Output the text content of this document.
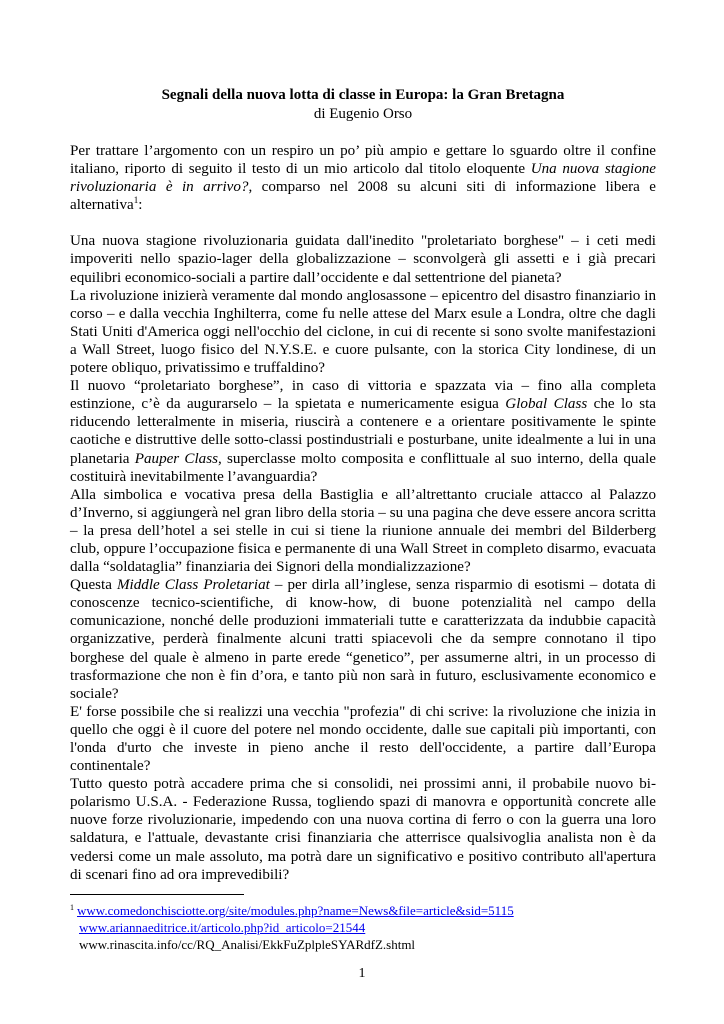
Segnali della nuova lotta di classe in Europa: la Gran Bretagna

di Eugenio Orso

Per trattare l’argomento con un respiro un po’ più ampio e gettare lo sguardo oltre il confine italiano, riporto di seguito il testo di un mio articolo dal titolo eloquente Una nuova stagione rivoluzionaria è in arrivo?, comparso nel 2008 su alcuni siti di informazione libera e alternativa$^1$:

Una nuova stagione rivoluzionaria guidata dall'inedito "proletariato borghese" – i ceti medi impoveriti nello spazio-lager della globalizzazione – sconvolgerà gli assetti e i già precari equilibri economico-sociali a partire dall’occidente e dal settentrione del pianeta?

La rivoluzione inizierà veramente dal mondo anglosassone – epicentro del disastro finanziario in corso – e dalla vecchia Inghilterra, come fu nelle attese del Marx esule a Londra, oltre che dagli Stati Uniti d'America oggi nell'occhio del ciclone, in cui di recente si sono svolte manifestazioni a Wall Street, luogo fisico del N.Y.S.E. e cuore pulsante, con la storica City londinese, di un potere obliquo, privatissimo e truffaldino?

Il nuovo “proletariato borghese”, in caso di vittoria e spazzata via – fino alla completa estinzione, c’è da augurarselo – la spietata e numericamente esigua Global Class che lo sta riducendo letteralmente in miseria, riuscirà a contenere e a orientare positivamente le spinte caotiche e distruttive delle sotto-classi postindustriali e posturbane, unite idealmente a lui in una planetaria Pauper Class, superclasse molto composita e conflittuale al suo interno, della quale costituirà inevitabilmente l’avanguardia?

Alla simbolica e vocativa presa della Bastiglia e all’altrettanto cruciale attacco al Palazzo d’Inverno, si aggiungerà nel gran libro della storia – su una pagina che deve essere ancora scritta – la presa dell’hotel a sei stelle in cui si tiene la riunione annuale dei membri del Bilderberg club, oppure l’occupazione fisica e permanente di una Wall Street in completo disarmo, evacuata dalla “soldataglia” finanziaria dei Signori della mondializzazione?

Questa Middle Class Proletariat – per dirla all’inglese, senza risparmio di esotismi – dotata di conoscenze tecnico-scientifiche, di know-how, di buone potenzialità nel campo della comunicazione, nonché delle produzioni immateriali tutte e caratterizzata da indubbie capacità organizzative, perderà finalmente alcuni tratti spiacevoli che da sempre connotano il tipo borghese del quale è almeno in parte erede “genetico”, per assumerne altri, in un processo di trasformazione che non è fin d’ora, e tanto più non sarà in futuro, esclusivamente economico e sociale?

E' forse possibile che si realizzi una vecchia "profezia" di chi scrive: la rivoluzione che inizia in quello che oggi è il cuore del potere nel mondo occidente, dalle sue capitali più importanti, con l'onda d'urto che investe in pieno anche il resto dell'occidente, a partire dall’Europa continentale?

Tutto questo potrà accadere prima che si consolidi, nei prossimi anni, il probabile nuovo bi-polarismo U.S.A. - Federazione Russa, togliendo spazi di manovra e opportunità concrete alle nuove forze rivoluzionarie, impedendo con una nuova cortina di ferro o con la guerra una loro saldatura, e l'attuale, devastante crisi finanziaria che atterrisce qualsivoglia analista non è da vedersi come un male assoluto, ma potrà dare un significativo e positivo contributo all'apertura di scenari fino ad ora imprevedibili?

$^1$ www.comedonchisciotte.org/site/modules.php?name=News&file=article&sid=5115
www.ariannaeditrice.it/articolo.php?id_articolo=21544
www.rinascita.info/cc/RQ_Analisi/EkkFuZplpleSYARdfZ.shtml
1
